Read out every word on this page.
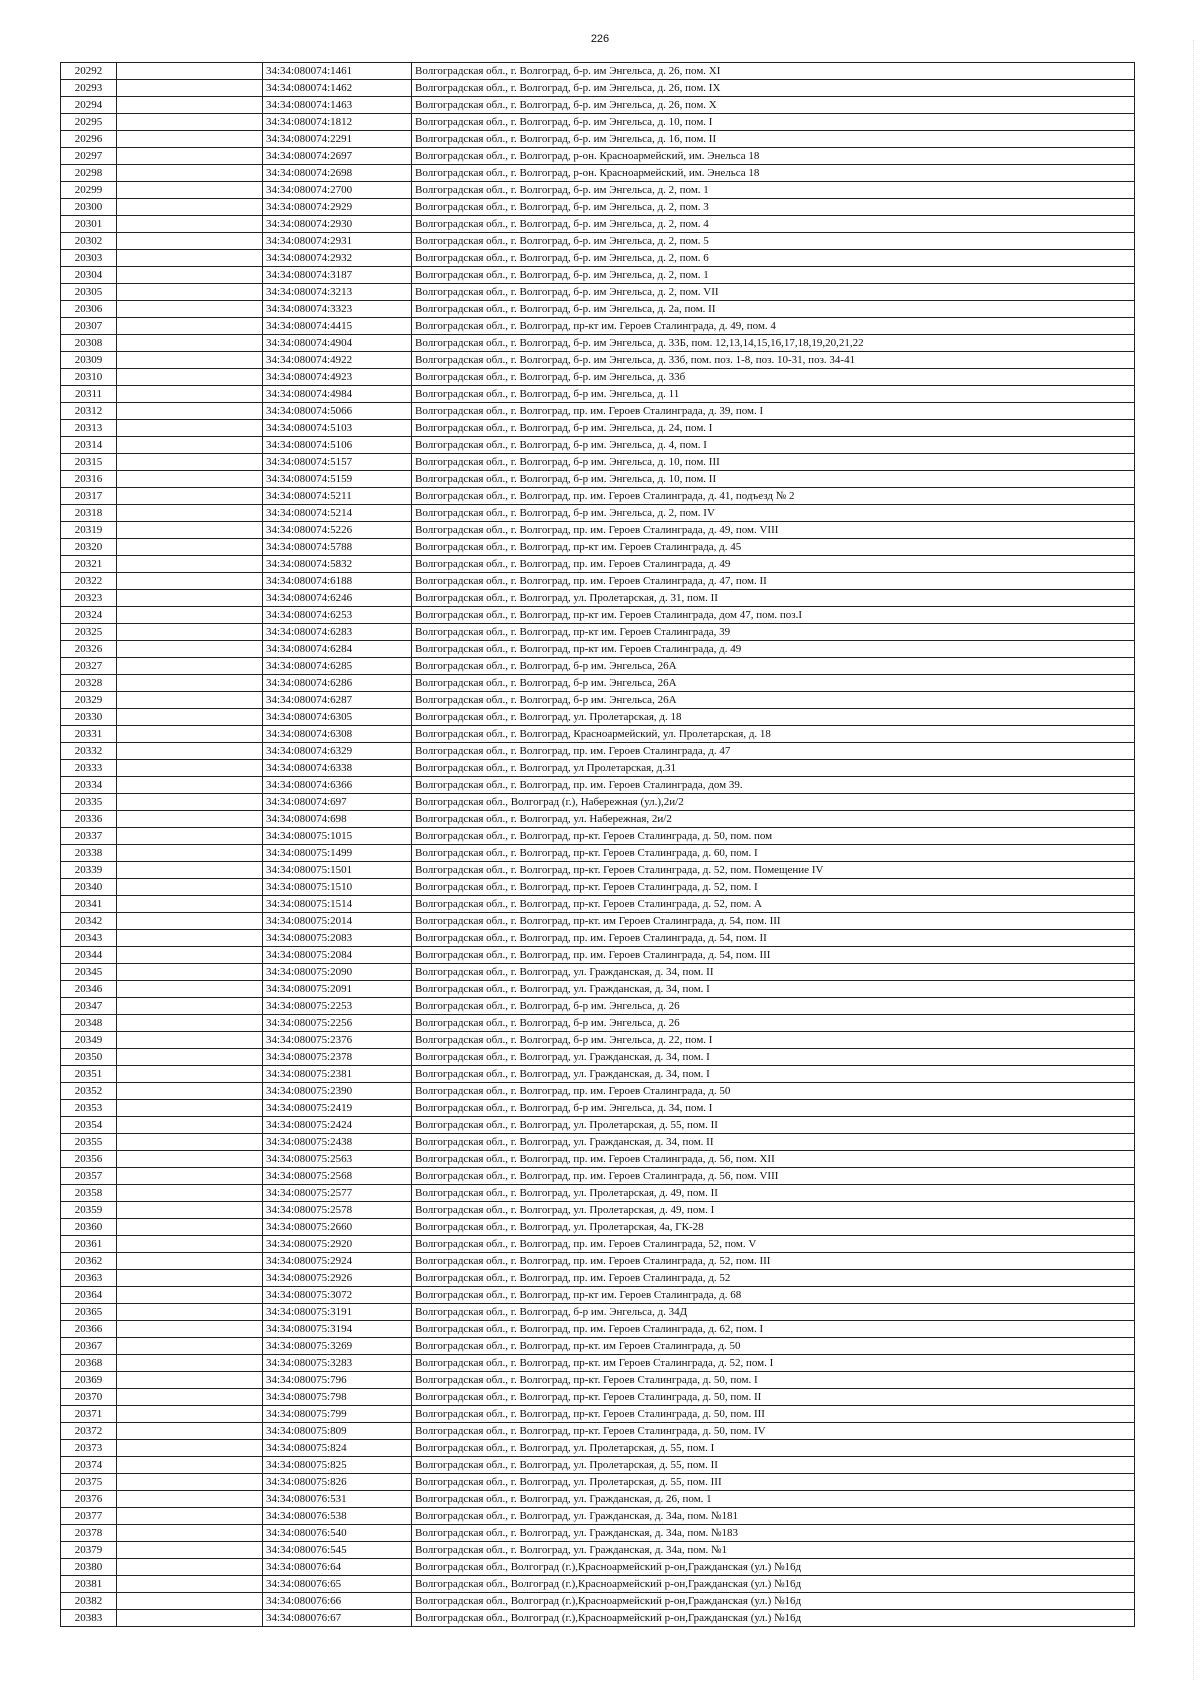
226
20292		34:34:080074:1461	Волгоградская обл., г. Волгоград, б-р. им Энгельса, д. 26, пом. XI
20293		34:34:080074:1462	Волгоградская обл., г. Волгоград, б-р. им Энгельса, д. 26, пом. IX
20294		34:34:080074:1463	Волгоградская обл., г. Волгоград, б-р. им Энгельса, д. 26, пом. X
20295		34:34:080074:1812	Волгоградская обл., г. Волгоград, б-р. им Энгельса, д. 10, пом. I
20296		34:34:080074:2291	Волгоградская обл., г. Волгоград, б-р. им Энгельса, д. 16, пом. II
20297		34:34:080074:2697	Волгоградская обл., г. Волгоград, р-он. Красноармейский, им. Энельса 18
20298		34:34:080074:2698	Волгоградская обл., г. Волгоград, р-он. Красноармейский, им. Энельса 18
20299		34:34:080074:2700	Волгоградская обл., г. Волгоград, б-р. им Энгельса, д. 2, пом. 1
20300		34:34:080074:2929	Волгоградская обл., г. Волгоград, б-р. им Энгельса, д. 2, пом. 3
20301		34:34:080074:2930	Волгоградская обл., г. Волгоград, б-р. им Энгельса, д. 2, пом. 4
20302		34:34:080074:2931	Волгоградская обл., г. Волгоград, б-р. им Энгельса, д. 2, пом. 5
20303		34:34:080074:2932	Волгоградская обл., г. Волгоград, б-р. им Энгельса, д. 2, пом. 6
20304		34:34:080074:3187	Волгоградская обл., г. Волгоград, б-р. им Энгельса, д. 2, пом. 1
20305		34:34:080074:3213	Волгоградская обл., г. Волгоград, б-р. им Энгельса, д. 2, пом. VII
20306		34:34:080074:3323	Волгоградская обл., г. Волгоград, б-р. им Энгельса, д. 2а, пом. II
20307		34:34:080074:4415	Волгоградская обл., г. Волгоград, пр-кт им. Героев Сталинграда, д. 49, пом. 4
20308		34:34:080074:4904	Волгоградская обл., г. Волгоград, б-р. им Энгельса, д. 33Б, пом. 12,13,14,15,16,17,18,19,20,21,22
20309		34:34:080074:4922	Волгоградская обл., г. Волгоград, б-р. им Энгельса, д. 33б, пом. поз. 1-8, поз. 10-31, поз. 34-41
20310		34:34:080074:4923	Волгоградская обл., г. Волгоград, б-р. им Энгельса, д. 33б
20311		34:34:080074:4984	Волгоградская обл., г. Волгоград, б-р им. Энгельса, д. 11
20312		34:34:080074:5066	Волгоградская обл., г. Волгоград, пр. им. Героев Сталинграда, д. 39, пом. I
20313		34:34:080074:5103	Волгоградская обл., г. Волгоград, б-р им. Энгельса, д. 24, пом. I
20314		34:34:080074:5106	Волгоградская обл., г. Волгоград, б-р им. Энгельса, д. 4, пом. I
20315		34:34:080074:5157	Волгоградская обл., г. Волгоград, б-р им. Энгельса, д. 10, пом. III
20316		34:34:080074:5159	Волгоградская обл., г. Волгоград, б-р им. Энгельса, д. 10, пом. II
20317		34:34:080074:5211	Волгоградская обл., г. Волгоград, пр. им. Героев Сталинграда, д. 41, подъезд № 2
20318		34:34:080074:5214	Волгоградская обл., г. Волгоград, б-р им. Энгельса, д. 2, пом. IV
20319		34:34:080074:5226	Волгоградская обл., г. Волгоград, пр. им. Героев Сталинграда, д. 49, пом. VIII
20320		34:34:080074:5788	Волгоградская обл., г. Волгоград, пр-кт им. Героев Сталинграда, д. 45
20321		34:34:080074:5832	Волгоградская обл., г. Волгоград, пр. им. Героев Сталинграда, д. 49
20322		34:34:080074:6188	Волгоградская обл., г. Волгоград, пр. им. Героев Сталинграда, д. 47, пом. II
20323		34:34:080074:6246	Волгоградская обл., г. Волгоград, ул. Пролетарская, д. 31, пом. II
20324		34:34:080074:6253	Волгоградская обл., г. Волгоград, пр-кт им. Героев Сталинграда, дом 47, пом. поз.I
20325		34:34:080074:6283	Волгоградская обл., г. Волгоград, пр-кт им. Героев Сталинграда, 39
20326		34:34:080074:6284	Волгоградская обл., г. Волгоград, пр-кт им. Героев Сталинграда, д. 49
20327		34:34:080074:6285	Волгоградская обл., г. Волгоград, б-р им. Энгельса, 26А
20328		34:34:080074:6286	Волгоградская обл., г. Волгоград, б-р им. Энгельса, 26А
20329		34:34:080074:6287	Волгоградская обл., г. Волгоград, б-р им. Энгельса, 26А
20330		34:34:080074:6305	Волгоградская обл., г. Волгоград, ул. Пролетарская, д. 18
20331		34:34:080074:6308	Волгоградская обл., г. Волгоград, Красноармейский, ул. Пролетарская, д. 18
20332		34:34:080074:6329	Волгоградская обл., г. Волгоград, пр. им. Героев Сталинграда, д. 47
20333		34:34:080074:6338	Волгоградская обл., г. Волгоград, ул Пролетарская, д.31
20334		34:34:080074:6366	Волгоградская обл., г. Волгоград, пр. им. Героев Сталинграда, дом 39.
20335		34:34:080074:697	Волгоградская обл., Волгоград (г.), Набережная (ул.),2и/2
20336		34:34:080074:698	Волгоградская обл., г. Волгоград, ул. Набережная, 2и/2
20337		34:34:080075:1015	Волгоградская обл., г. Волгоград, пр-кт. Героев Сталинграда, д. 50, пом. пом
20338		34:34:080075:1499	Волгоградская обл., г. Волгоград, пр-кт. Героев Сталинграда, д. 60, пом. I
20339		34:34:080075:1501	Волгоградская обл., г. Волгоград, пр-кт. Героев Сталинграда, д. 52, пом. Помещение IV
20340		34:34:080075:1510	Волгоградская обл., г. Волгоград, пр-кт. Героев Сталинграда, д. 52, пом. I
20341		34:34:080075:1514	Волгоградская обл., г. Волгоград, пр-кт. Героев Сталинграда, д. 52, пом. А
20342		34:34:080075:2014	Волгоградская обл., г. Волгоград, пр-кт. им Героев Сталинграда, д. 54, пом. III
20343		34:34:080075:2083	Волгоградская обл., г. Волгоград, пр. им. Героев Сталинграда, д. 54, пом. II
20344		34:34:080075:2084	Волгоградская обл., г. Волгоград, пр. им. Героев Сталинграда, д. 54, пом. III
20345		34:34:080075:2090	Волгоградская обл., г. Волгоград, ул. Гражданская, д. 34, пом. II
20346		34:34:080075:2091	Волгоградская обл., г. Волгоград, ул. Гражданская, д. 34, пом. I
20347		34:34:080075:2253	Волгоградская обл., г. Волгоград, б-р им. Энгельса, д. 26
20348		34:34:080075:2256	Волгоградская обл., г. Волгоград, б-р им. Энгельса, д. 26
20349		34:34:080075:2376	Волгоградская обл., г. Волгоград, б-р им. Энгельса, д. 22, пом. I
20350		34:34:080075:2378	Волгоградская обл., г. Волгоград, ул. Гражданская, д. 34, пом. I
20351		34:34:080075:2381	Волгоградская обл., г. Волгоград, ул. Гражданская, д. 34, пом. I
20352		34:34:080075:2390	Волгоградская обл., г. Волгоград, пр. им. Героев Сталинграда, д. 50
20353		34:34:080075:2419	Волгоградская обл., г. Волгоград, б-р им. Энгельса, д. 34, пом. I
20354		34:34:080075:2424	Волгоградская обл., г. Волгоград, ул. Пролетарская, д. 55, пом. II
20355		34:34:080075:2438	Волгоградская обл., г. Волгоград, ул. Гражданская, д. 34, пом. II
20356		34:34:080075:2563	Волгоградская обл., г. Волгоград, пр. им. Героев Сталинграда, д. 56, пом. XII
20357		34:34:080075:2568	Волгоградская обл., г. Волгоград, пр. им. Героев Сталинграда, д. 56, пом. VIII
20358		34:34:080075:2577	Волгоградская обл., г. Волгоград, ул. Пролетарская, д. 49, пом. II
20359		34:34:080075:2578	Волгоградская обл., г. Волгоград, ул. Пролетарская, д. 49, пом. I
20360		34:34:080075:2660	Волгоградская обл., г. Волгоград, ул. Пролетарская, 4а, ГК-28
20361		34:34:080075:2920	Волгоградская обл., г. Волгоград, пр. им. Героев Сталинграда, 52, пом. V
20362		34:34:080075:2924	Волгоградская обл., г. Волгоград, пр. им. Героев Сталинграда, д. 52, пом. III
20363		34:34:080075:2926	Волгоградская обл., г. Волгоград, пр. им. Героев Сталинграда, д. 52
20364		34:34:080075:3072	Волгоградская обл., г. Волгоград, пр-кт им. Героев Сталинграда, д. 68
20365		34:34:080075:3191	Волгоградская обл., г. Волгоград, б-р им. Энгельса, д. 34Д
20366		34:34:080075:3194	Волгоградская обл., г. Волгоград, пр. им. Героев Сталинграда, д. 62, пом. I
20367		34:34:080075:3269	Волгоградская обл., г. Волгоград, пр-кт. им Героев Сталинграда, д. 50
20368		34:34:080075:3283	Волгоградская обл., г. Волгоград, пр-кт. им Героев Сталинграда, д. 52, пом. I
20369		34:34:080075:796	Волгоградская обл., г. Волгоград, пр-кт. Героев Сталинграда, д. 50, пом. I
20370		34:34:080075:798	Волгоградская обл., г. Волгоград, пр-кт. Героев Сталинграда, д. 50, пом. II
20371		34:34:080075:799	Волгоградская обл., г. Волгоград, пр-кт. Героев Сталинграда, д. 50, пом. III
20372		34:34:080075:809	Волгоградская обл., г. Волгоград, пр-кт. Героев Сталинграда, д. 50, пом. IV
20373		34:34:080075:824	Волгоградская обл., г. Волгоград, ул. Пролетарская, д. 55, пом. I
20374		34:34:080075:825	Волгоградская обл., г. Волгоград, ул. Пролетарская, д. 55, пом. II
20375		34:34:080075:826	Волгоградская обл., г. Волгоград, ул. Пролетарская, д. 55, пом. III
20376		34:34:080076:531	Волгоградская обл., г. Волгоград, ул. Гражданская, д. 26, пом. 1
20377		34:34:080076:538	Волгоградская обл., г. Волгоград, ул. Гражданская, д. 34а, пом. №181
20378		34:34:080076:540	Волгоградская обл., г. Волгоград, ул. Гражданская, д. 34а, пом. №183
20379		34:34:080076:545	Волгоградская обл., г. Волгоград, ул. Гражданская, д. 34а, пом. №1
20380		34:34:080076:64	Волгоградская обл., Волгоград (г.),Красноармейский р-он,Гражданская (ул.) №16д
20381		34:34:080076:65	Волгоградская обл., Волгоград (г.),Красноармейский р-он,Гражданская (ул.) №16д
20382		34:34:080076:66	Волгоградская обл., Волгоград (г.),Красноармейский р-он,Гражданская (ул.) №16д
20383		34:34:080076:67	Волгоградская обл., Волгоград (г.),Красноармейский р-он,Гражданская (ул.) №16д
